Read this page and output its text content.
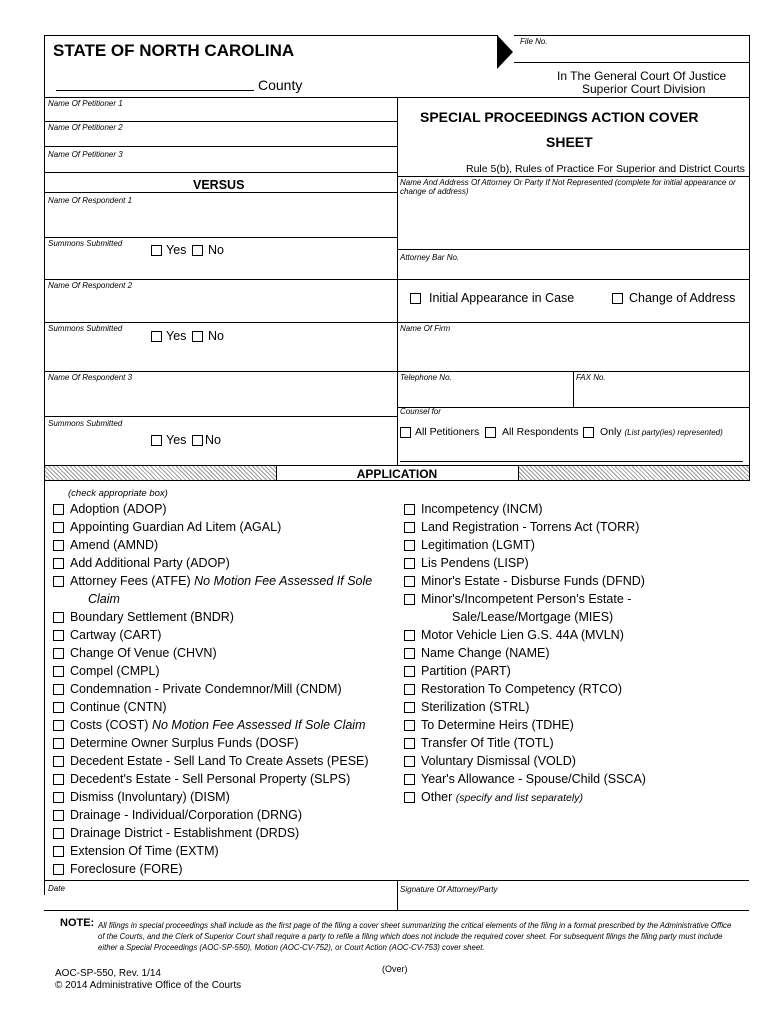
STATE OF NORTH CAROLINA
County
File No.
In The General Court Of Justice
Superior Court Division
Name Of Petitioner 1
Name Of Petitioner 2
Name Of Petitioner 3
VERSUS
Name Of Respondent 1
Summons Submitted	Yes No
Name Of Respondent 2
Summons Submitted
Yes No
Name Of Respondent 3
Summons Submitted
Yes No
SPECIAL PROCEEDINGS ACTION COVER
SHEET
Rule 5(b), Rules of Practice For Superior and District Courts
Name And Address Of Attorney Or Party If Not Represented (complete for initial appearance or change of address)
Attorney Bar No.
Initial Appearance in Case	Change of Address
Name Of Firm
Telephone No.	FAX No.
Counsel for
All Petitioners All Respondents Only (List party(ies) represented)
APPLICATION
(check appropriate box)
Adoption (ADOP)
Appointing Guardian Ad Litem (AGAL)
Amend (AMND)
Add Additional Party (ADOP)
Attorney Fees (ATFE) No Motion Fee Assessed If Sole
Boundary Settlement (BNDR)
Cartway (CART)
Change Of Venue (CHVN)
Compel (CMPL)
Condemnation - Private Condemnor/Mill (CNDM)
Continue (CNTN)
Costs (COST) No Motion Fee Assessed If Sole Claim
Determine Owner Surplus Funds (DOSF)
Decedent Estate - Sell Land To Create Assets (PESE)
Decedent's Estate - Sell Personal Property (SLPS)
Dismiss (Involuntary) (DISM)
Drainage - Individual/Corporation (DRNG)
Drainage District - Establishment (DRDS)
Extension Of Time (EXTM)
Foreclosure (FORE)
Claim
Incompetency (INCM)
Land Registration - Torrens Act (TORR)
Legitimation (LGMT)
Lis Pendens (LISP)
Minor's Estate - Disburse Funds (DFND)
Minor's/Incompetent Person's Estate -
Motor Vehicle Lien G.S. 44A (MVLN)
Name Change (NAME)
Partition (PART)
Restoration To Competency (RTCO)
Sterilization (STRL)
To Determine Heirs (TDHE)
Transfer Of Title (TOTL)
Voluntary Dismissal (VOLD)
Year's Allowance - Spouse/Child (SSCA)
Other (specify and list separately)
Sale/Lease/Mortgage (MIES)
Date	Signature Of Attorney/Party
NOTE: All filings in special proceedings shall include as the first page of the filing a cover sheet summarizing the critical elements of the filing in a format prescribed by the Administrative Office of the Courts, and the Clerk of Superior Court shall require a party to refile a filing which does not include the required cover sheet. For subsequent filings the filing party must include either a Special Proceedings (AOC-SP-550), Motion (AOC-CV-752), or Court Action (AOC-CV-753) cover sheet.
AOC-SP-550, Rev. 1/14	(Over)
© 2014 Administrative Office of the Courts
